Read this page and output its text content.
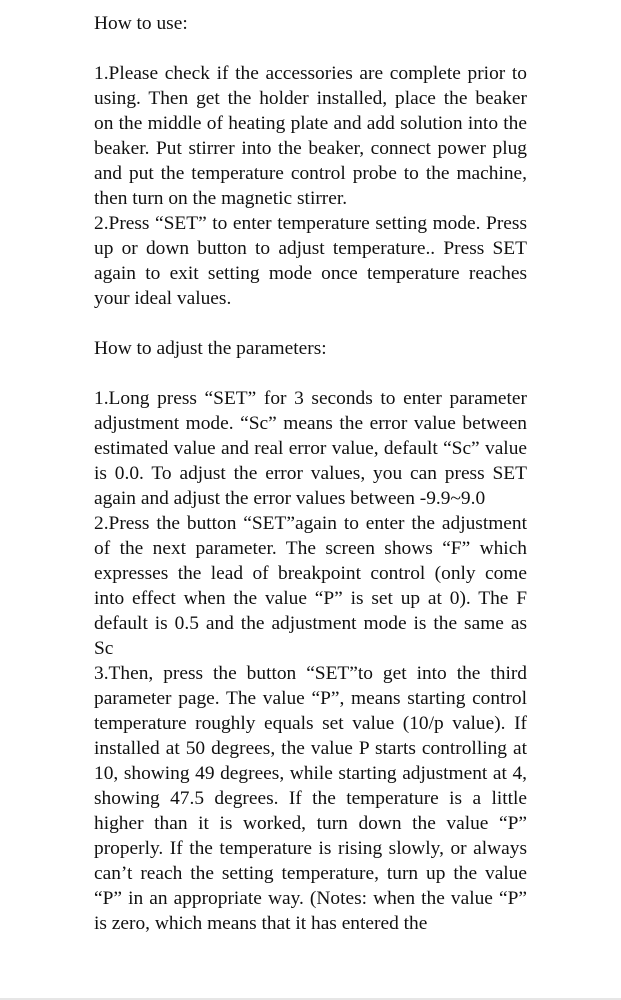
How to use:

1.Please check if the accessories are complete prior to using. Then get the holder installed, place the beaker on the middle of heating plate and add solution into the beaker. Put stirrer into the beaker, connect power plug and put the temperature control probe to the machine, then turn on the magnetic stirrer.

2.Press “SET” to enter temperature setting mode. Press up or down button to adjust temperature.. Press SET again to exit setting mode once temperature reaches your ideal values.

How to adjust the parameters:

1.Long press “SET” for 3 seconds to enter parameter adjustment mode. “Sc” means the error value between estimated value and real error value, default “Sc” value is 0.0. To adjust the error values, you can press SET again and adjust the error values between -9.9~9.0

2.Press the button “SET”again to enter the adjustment of the next parameter. The screen shows “F” which expresses the lead of breakpoint control (only come into effect when the value “P” is set up at 0). The F default is 0.5 and the adjustment mode is the same as Sc

3.Then, press the button “SET”to get into the third parameter page. The value “P”, means starting control temperature roughly equals set value (10/p value). If installed at 50 degrees, the value P starts controlling at 10, showing 49 degrees, while starting adjustment at 4, showing 47.5 degrees. If the temperature is a little higher than it is worked, turn down the value “P” properly. If the temperature is rising slowly, or always can’t reach the setting temperature, turn up the value “P” in an appropriate way. (Notes: when the value “P” is zero, which means that it has entered the
